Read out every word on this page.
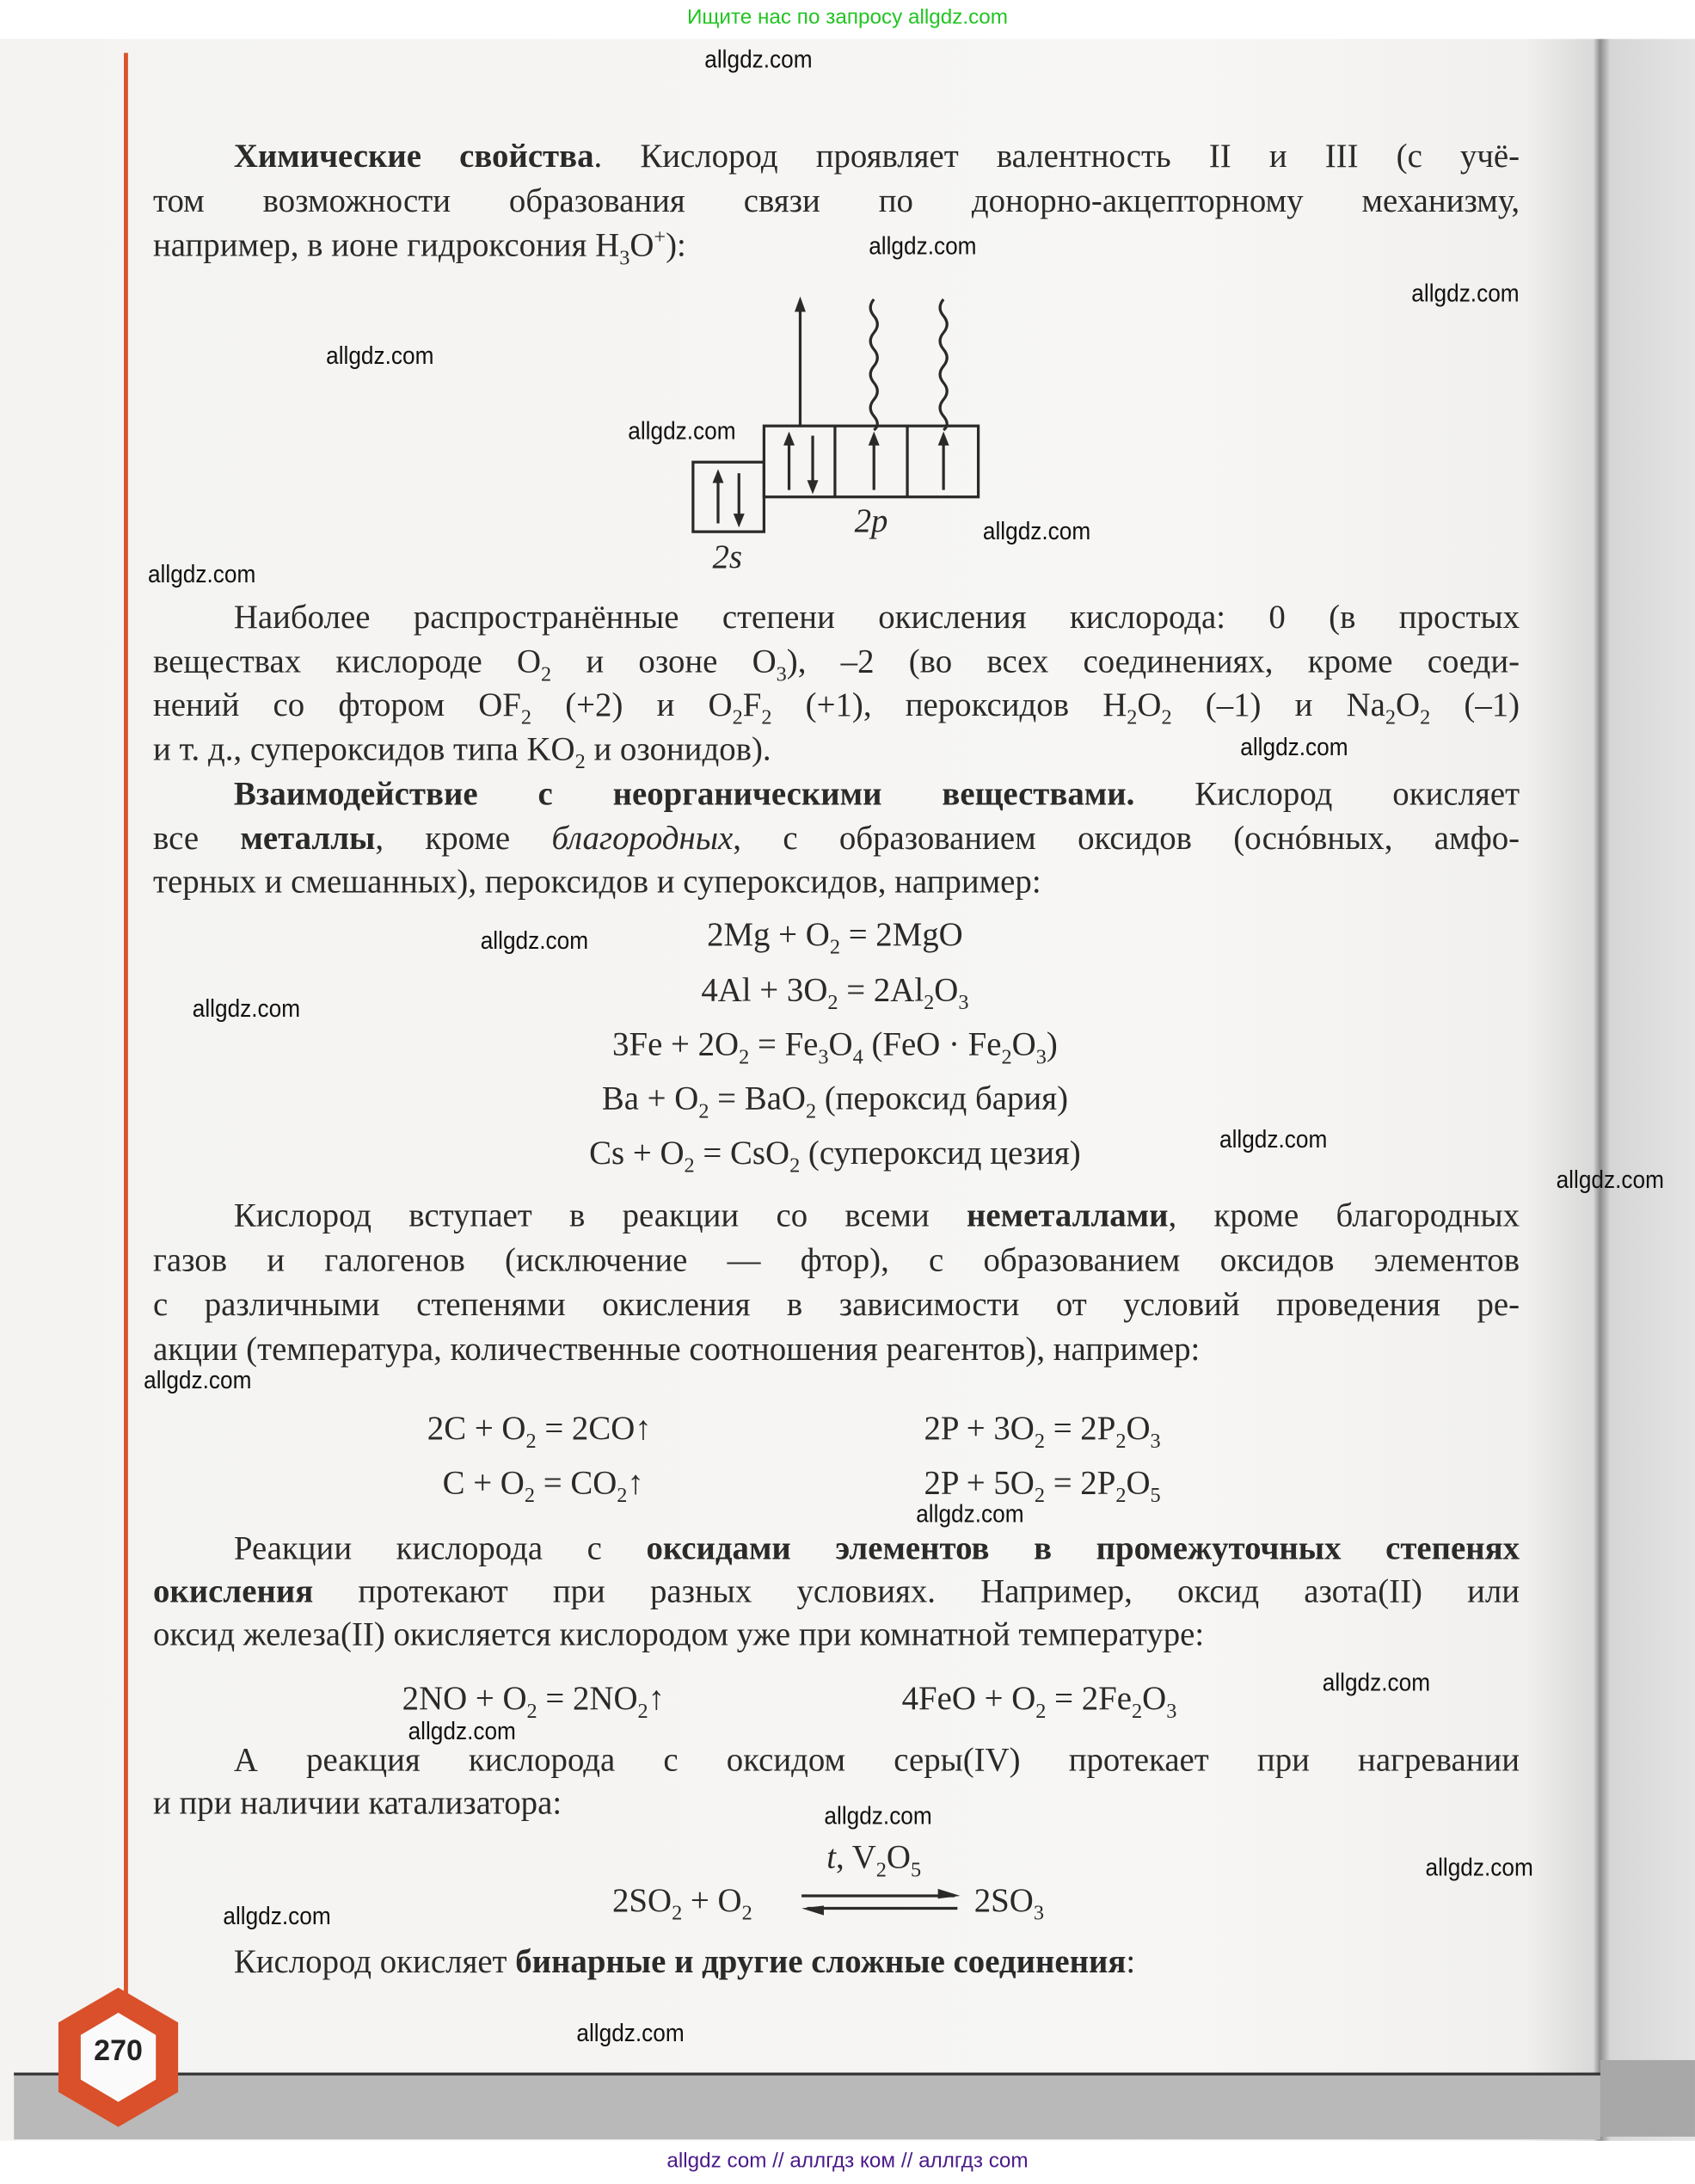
Ищите нас по запросу allgdz.com
270
Химические свойства. Кислород проявляет валентность II и III (с учё-
том возможности образования связи по донорно-акцепторному механизму,
например, в ионе гидроксония $H_3O^+$):
2s
2p
Наиболее распространённые степени окисления кислорода: 0 (в простых
веществах кислороде $O_2$ и озоне $O_3$), –2 (во всех соединениях, кроме соеди-
нений со фтором $OF_2$ (+2) и $O_2F_2$ (+1), пероксидов $H_2O_2$ (–1) и $Na_2O_2$ (–1)
и т. д., супероксидов типа $KO_2$ и озонидов).
Взаимодействие с неорганическими веществами. Кислород окисляет
все металлы, кроме благородных, с образованием оксидов (оснóвных, амфо-
терных и смешанных), пероксидов и супероксидов, например:
$2Mg + O_2 = 2MgO$
$4Al + 3O_2 = 2Al_2O_3$
$3Fe + 2O_2 = Fe_3O_4$ $(FeO \cdot Fe_2O_3)$
$Ba + O_2 = BaO_2$ (пероксид бария)
$Cs + O_2 = CsO_2$ (супероксид цезия)
Кислород вступает в реакции со всеми неметаллами, кроме благородных
газов и галогенов (исключение — фтор), с образованием оксидов элементов
с различными степенями окисления в зависимости от условий проведения ре-
акции (температура, количественные соотношения реагентов), например:
$2C + O_2$ = 2CO↑
$C + O_2$ = $CO_2↑$
$2P + 3O_2 = 2P_2O_3$
$2P + 5O_2 = 2P_2O_5$
Реакции кислорода с оксидами элементов в промежуточных степенях
окисления протекают при разных условиях. Например, оксид азота(II) или
оксид железа(II) окисляется кислородом уже при комнатной температуре:
$2NO + O_2$ = $2NO_2↑$	$4FeO + O_2 = 2Fe_2O_3$
А реакция кислорода с оксидом серы(IV) протекает при нагревании
и при наличии катализатора:
t, $V_2O_5$
$2SO_2 + O_2$	$2SO_3$
Кислород окисляет бинарные и другие сложные соединения:
allgdz.com
allgdz.com
allgdz.com
allgdz.com
allgdz.com
allgdz.com
allgdz.com
allgdz.com
allgdz.com
allgdz.com
allgdz.com
allgdz.com
allgdz.com
allgdz.com
allgdz.com
allgdz.com
allgdz.com
allgdz.com
allgdz.com
allgdz.com
allgdz com // аллгдз ком // аллгдз com
